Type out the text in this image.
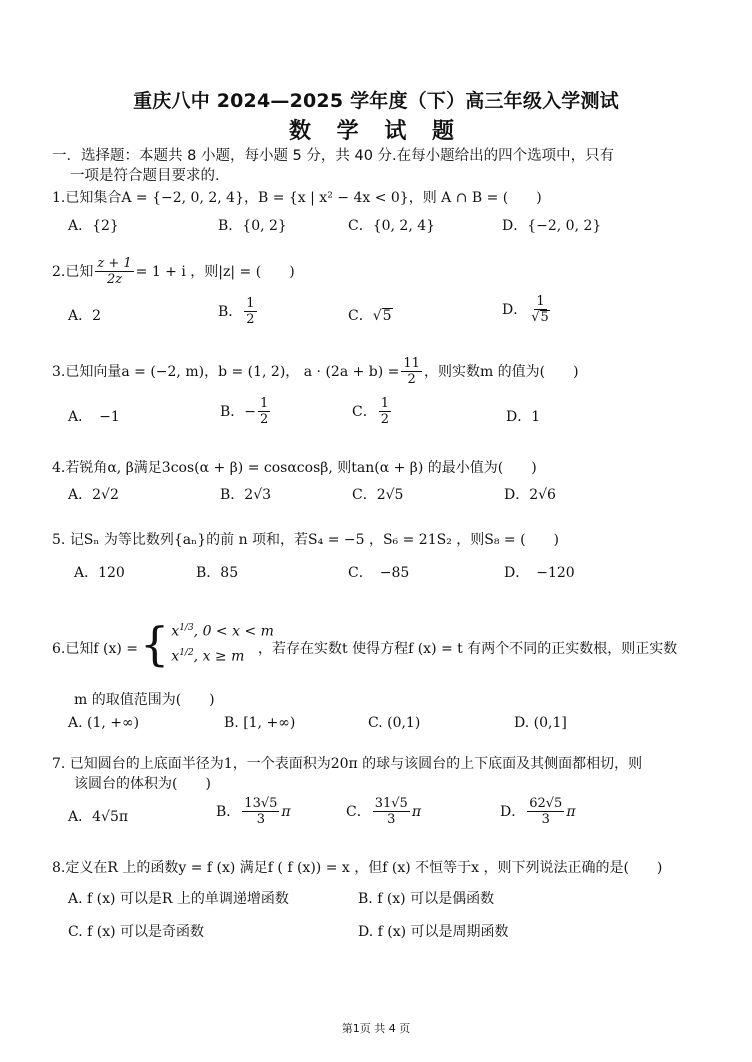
重庆八中 2024—2025 学年度（下）高三年级入学测试
数 学 试 题
一．选择题：本题共 8 小题，每小题 5 分，共 40 分.在每小题给出的四个选项中，只有
一项是符合题目要求的.
1.已知集合A = {−2, 0, 2, 4}，B = {x | x² − 4x < 0}，则 A ∩ B = (　　)
A．{2}	B．{0, 2}	C．{0, 2, 4}	D．{−2, 0, 2}
2.已知 $\frac{z + 1}{2z} = 1 + i$ ，则|z| = (　　)
A．2	B． $\frac{1}{2}$	C．√5	D． $\frac{1}{√5}$
3.已知向量a = (−2, m)，b = (1, 2)， $a \cdot (2a + b) = \frac{11}{2}$ ，则实数m 的值为(　　)
A．　−1	B．− $\frac{1}{2}$	C． $\frac{1}{2}$	D．1
4.若锐角α, β满足3cos(α + β) = cosαcosβ, 则tan(α + β) 的最小值为(　　)
A．2√2	B．2√3	C．2√5	D．2√6
5. 记Sₙ 为等比数列{aₙ}的前 n 项和，若S₄ = −5 ，S₆ = 21S₂ ，则S₈ = (　　)
A．120	B．85	C．　−85	D．　−120
6.已知f (x) = { $x^{1/3}$, 0 < x < m
$x^{1/2}$, x ≥ m ，若存在实数t 使得方程f (x) = t 有两个不同的正实数根，则正实数
m 的取值范围为(　　)
A. (1, +∞)	B. [1, +∞)	C. (0,1)	D. (0,1]
7. 已知圆台的上底面半径为1，一个表面积为20π 的球与该圆台的上下底面及其侧面都相切，则
该圆台的体积为(　　)
A．4√5π	B． $\frac{13√5}{3}$ π	C． $\frac{31√5}{3}$ π	D． $\frac{62√5}{3}$ π
8.定义在R 上的函数y = f (x) 满足f ( f (x)) = x ，但f (x) 不恒等于x ，则下列说法正确的是(　　)
A. f (x) 可以是R 上的单调递增函数	B. f (x) 可以是偶函数
C. f (x) 可以是奇函数	D. f (x) 可以是周期函数
第1页 共 4 页
